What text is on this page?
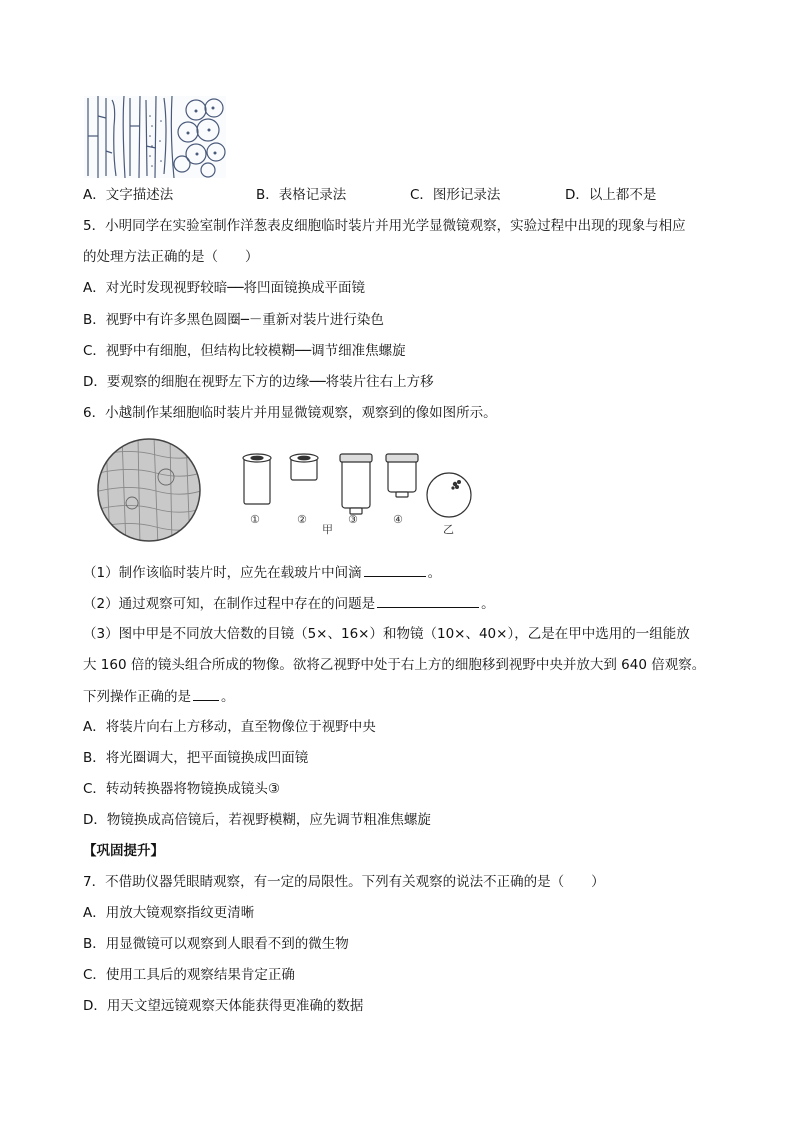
A．文字描述法	B．表格记录法	C．图形记录法	D．以上都不是
5．小明同学在实验室制作洋葱表皮细胞临时装片并用光学显微镜观察，实验过程中出现的现象与相应
的处理方法正确的是（　　）
A．对光时发现视野较暗──将凹面镜换成平面镜
B．视野中有许多黑色圆圈─－重新对装片进行染色
C．视野中有细胞，但结构比较模糊──调节细准焦螺旋
D．要观察的细胞在视野左下方的边缘──将装片往右上方移
6．小越制作某细胞临时装片并用显微镜观察，观察到的像如图所示。
①	②
甲
③	④
乙
（1）制作该临时装片时，应先在载玻片中间滴	。
（2）通过观察可知，在制作过程中存在的问题是	。
（3）图中甲是不同放大倍数的目镜（5×、16×）和物镜（10×、40×），乙是在甲中选用的一组能放
大 160 倍的镜头组合所成的物像。欲将乙视野中处于右上方的细胞移到视野中央并放大到 640 倍观察。
下列操作正确的是 。
A．将装片向右上方移动，直至物像位于视野中央
B．将光圈调大，把平面镜换成凹面镜
C．转动转换器将物镜换成镜头③
D．物镜换成高倍镜后，若视野模糊，应先调节粗准焦螺旋
【巩固提升】
7．不借助仪器凭眼睛观察，有一定的局限性。下列有关观察的说法不正确的是（　　）
A．用放大镜观察指纹更清晰
B．用显微镜可以观察到人眼看不到的微生物
C．使用工具后的观察结果肯定正确
D．用天文望远镜观察天体能获得更准确的数据
